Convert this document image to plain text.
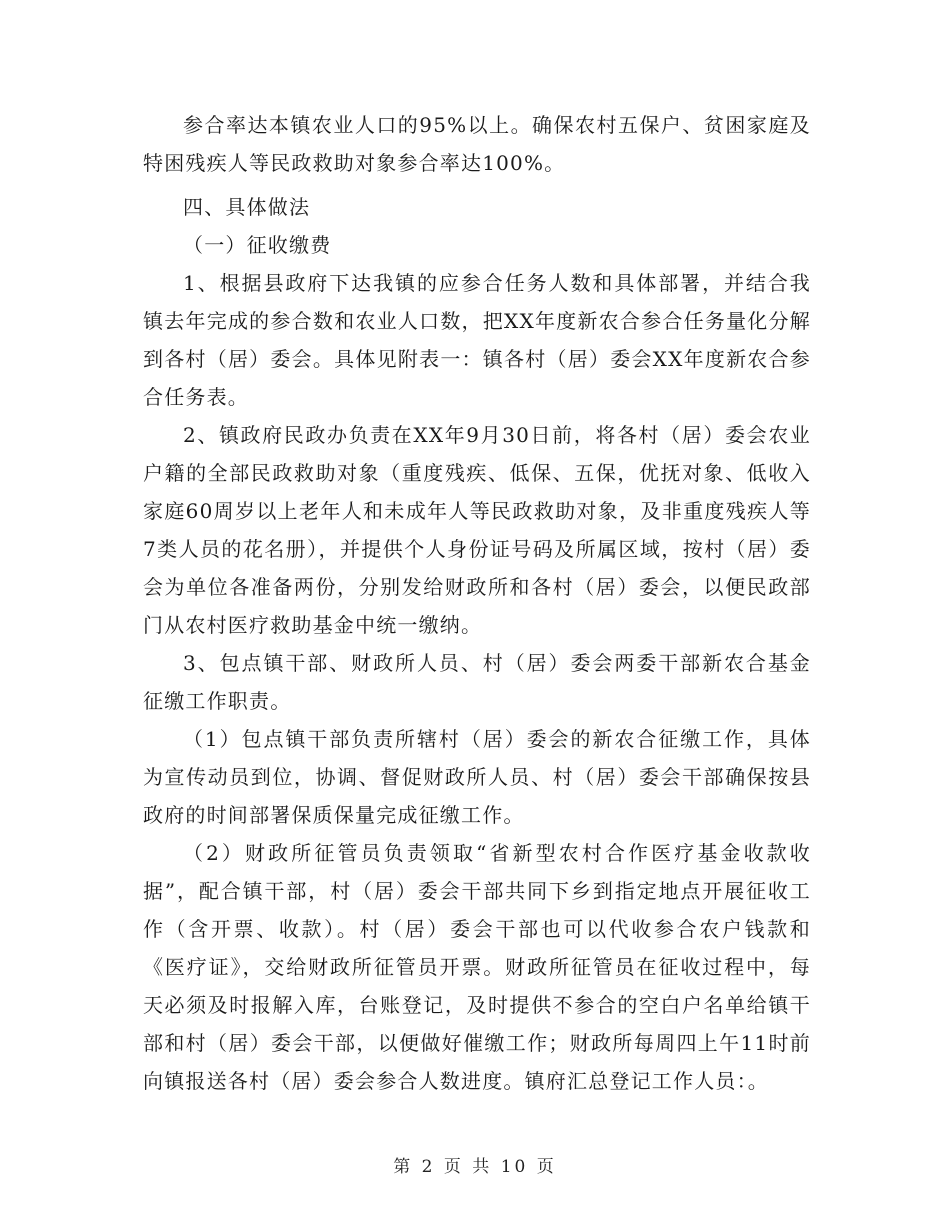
参合率达本镇农业人口的95%以上。确保农村五保户、贫困家庭及特困残疾人等民政救助对象参合率达100%。

四、具体做法

（一）征收缴费

1、根据县政府下达我镇的应参合任务人数和具体部署，并结合我镇去年完成的参合数和农业人口数，把XX年度新农合参合任务量化分解到各村（居）委会。具体见附表一：镇各村（居）委会XX年度新农合参合任务表。

2、镇政府民政办负责在XX年9月30日前，将各村（居）委会农业户籍的全部民政救助对象（重度残疾、低保、五保，优抚对象、低收入家庭60周岁以上老年人和未成年人等民政救助对象，及非重度残疾人等7类人员的花名册），并提供个人身份证号码及所属区域，按村（居）委会为单位各准备两份，分别发给财政所和各村（居）委会，以便民政部门从农村医疗救助基金中统一缴纳。

3、包点镇干部、财政所人员、村（居）委会两委干部新农合基金征缴工作职责。

（1）包点镇干部负责所辖村（居）委会的新农合征缴工作，具体为宣传动员到位，协调、督促财政所人员、村（居）委会干部确保按县政府的时间部署保质保量完成征缴工作。

（2）财政所征管员负责领取“省新型农村合作医疗基金收款收据”，配合镇干部，村（居）委会干部共同下乡到指定地点开展征收工作（含开票、收款）。村（居）委会干部也可以代收参合农户钱款和《医疗证》，交给财政所征管员开票。财政所征管员在征收过程中，每天必须及时报解入库，台账登记，及时提供不参合的空白户名单给镇干部和村（居）委会干部，以便做好催缴工作；财政所每周四上午11时前向镇报送各村（居）委会参合人数进度。镇府汇总登记工作人员：。

第 2 页 共 10 页
